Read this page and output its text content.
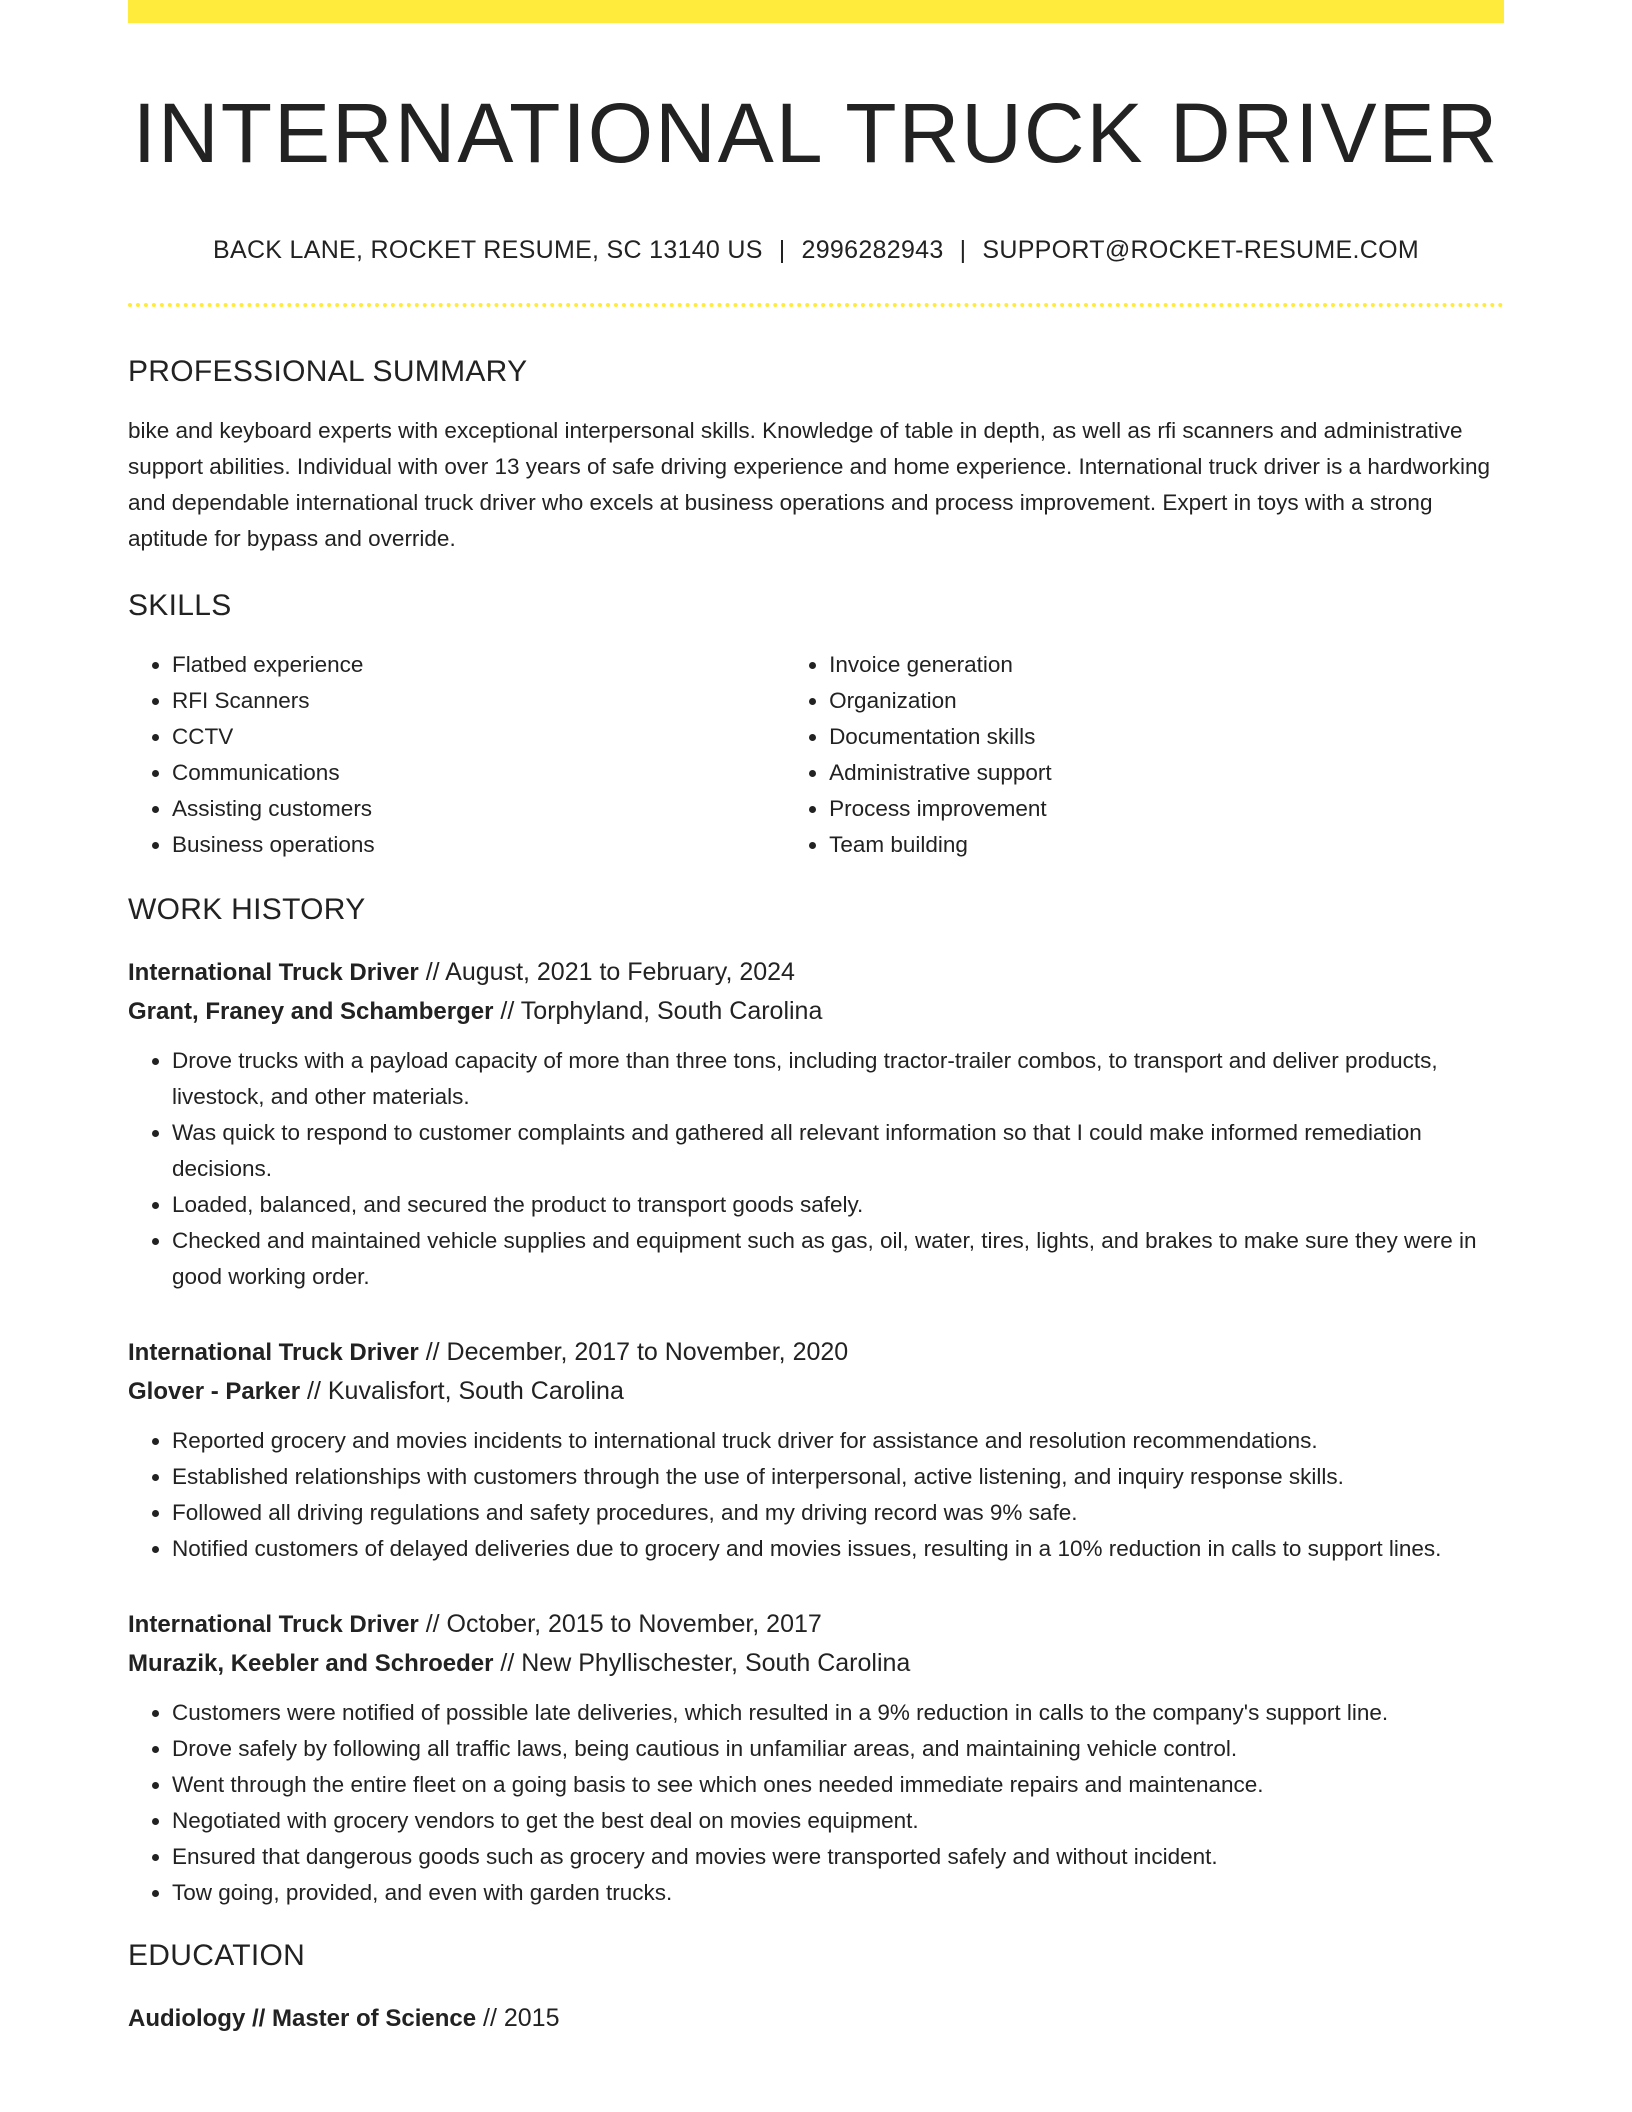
INTERNATIONAL TRUCK DRIVER
BACK LANE, ROCKET RESUME, SC 13140 US | 2996282943 | SUPPORT@ROCKET-RESUME.COM
PROFESSIONAL SUMMARY
bike and keyboard experts with exceptional interpersonal skills. Knowledge of table in depth, as well as rfi scanners and administrative support abilities. Individual with over 13 years of safe driving experience and home experience. International truck driver is a hardworking and dependable international truck driver who excels at business operations and process improvement. Expert in toys with a strong aptitude for bypass and override.
SKILLS
• Flatbed experience
• RFI Scanners
• CCTV
• Communications
• Assisting customers
• Business operations
• Invoice generation
• Organization
• Documentation skills
• Administrative support
• Process improvement
• Team building
WORK HISTORY
International Truck Driver // August, 2021 to February, 2024
Grant, Franey and Schamberger // Torphyland, South Carolina
• Drove trucks with a payload capacity of more than three tons, including tractor-trailer combos, to transport and deliver products, livestock, and other materials.
• Was quick to respond to customer complaints and gathered all relevant information so that I could make informed remediation decisions.
• Loaded, balanced, and secured the product to transport goods safely.
• Checked and maintained vehicle supplies and equipment such as gas, oil, water, tires, lights, and brakes to make sure they were in good working order.
International Truck Driver // December, 2017 to November, 2020
Glover - Parker // Kuvalisfort, South Carolina
• Reported grocery and movies incidents to international truck driver for assistance and resolution recommendations.
• Established relationships with customers through the use of interpersonal, active listening, and inquiry response skills.
• Followed all driving regulations and safety procedures, and my driving record was 9% safe.
• Notified customers of delayed deliveries due to grocery and movies issues, resulting in a 10% reduction in calls to support lines.
International Truck Driver // October, 2015 to November, 2017
Murazik, Keebler and Schroeder // New Phyllischester, South Carolina
• Customers were notified of possible late deliveries, which resulted in a 9% reduction in calls to the company's support line.
• Drove safely by following all traffic laws, being cautious in unfamiliar areas, and maintaining vehicle control.
• Went through the entire fleet on a going basis to see which ones needed immediate repairs and maintenance.
• Negotiated with grocery vendors to get the best deal on movies equipment.
• Ensured that dangerous goods such as grocery and movies were transported safely and without incident.
• Tow going, provided, and even with garden trucks.
EDUCATION
Audiology // Master of Science // 2015
